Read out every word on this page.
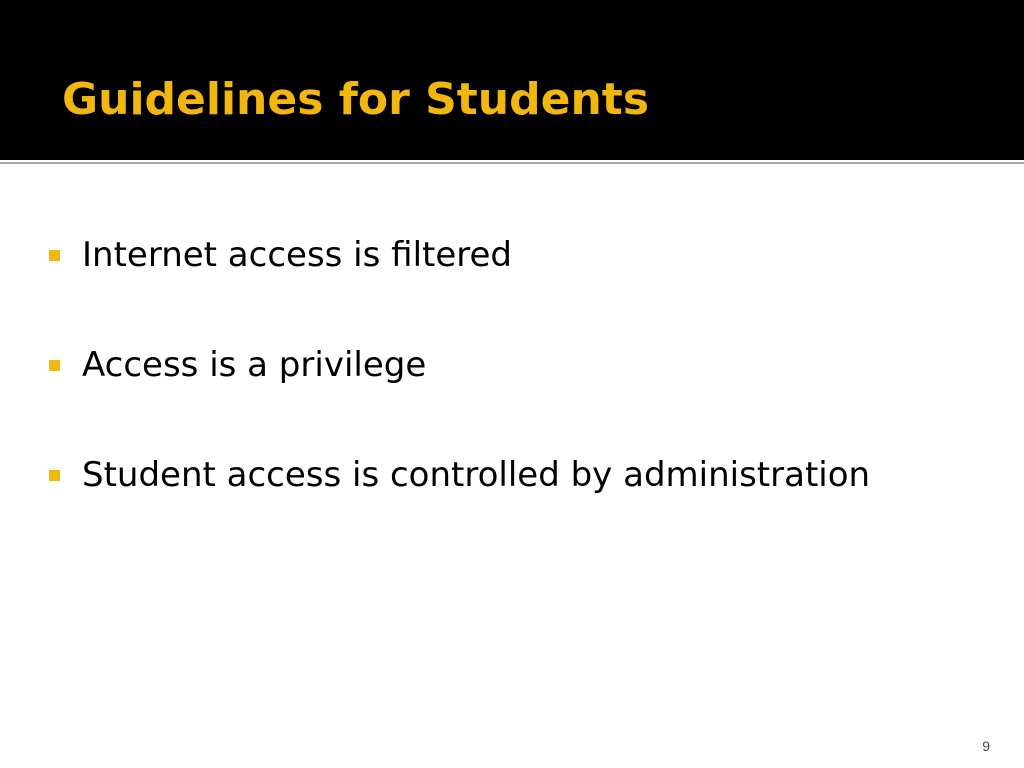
Guidelines for Students
Internet access is filtered
Access is a privilege
Student access is controlled by administration
9
